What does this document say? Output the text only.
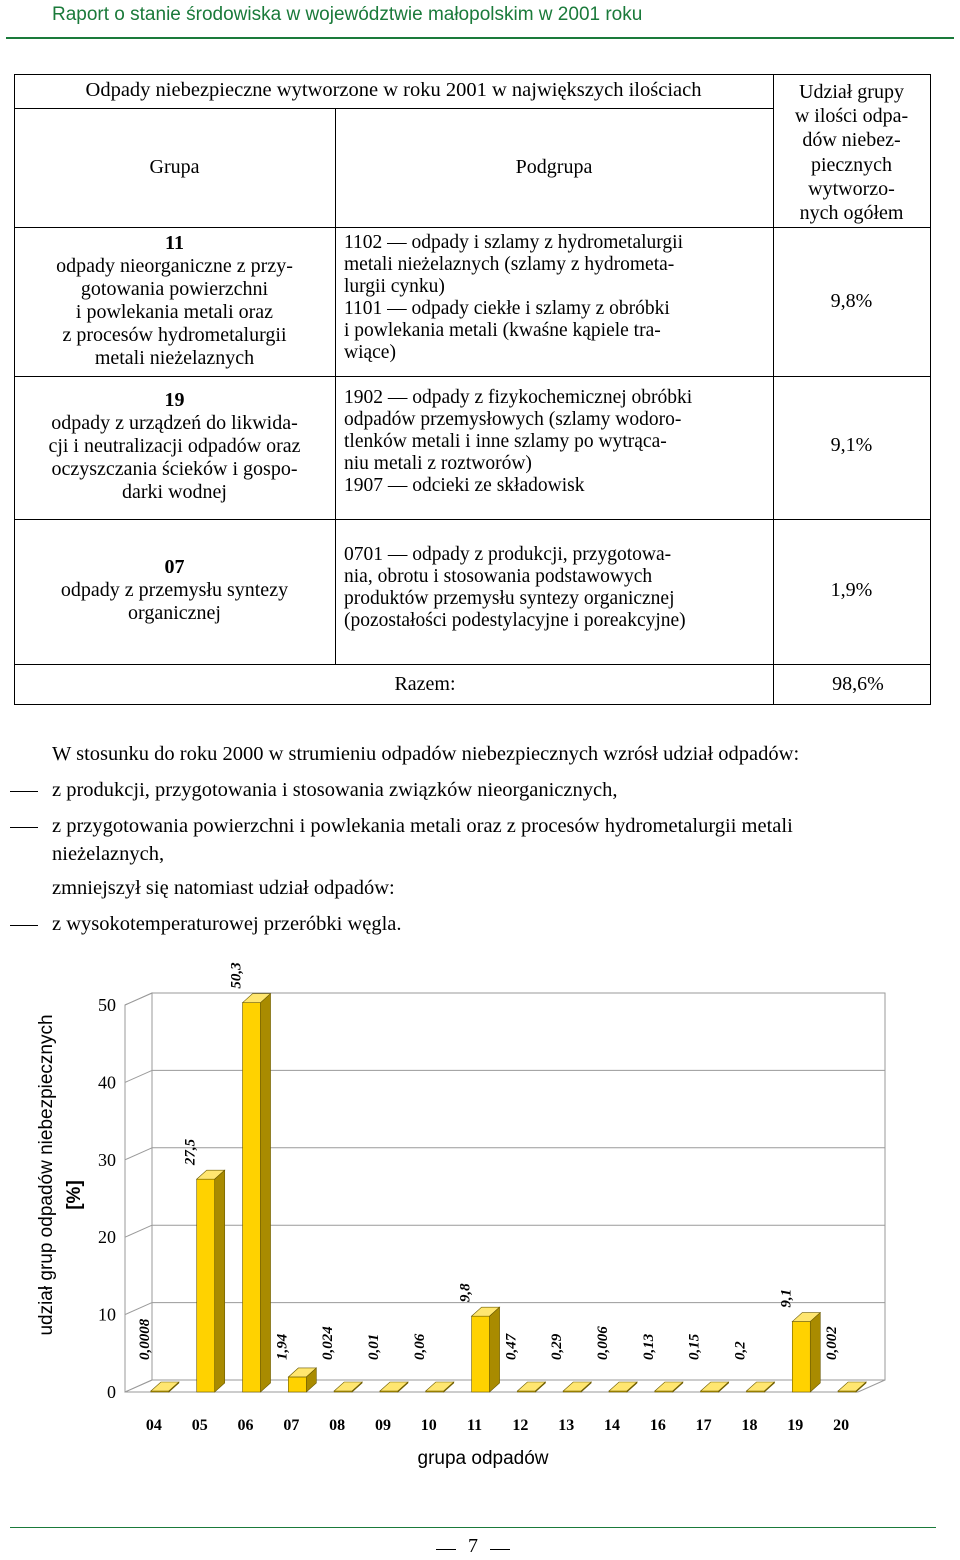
Raport o stanie środowiska w województwie małopolskim w 2001 roku
Odpady niebezpieczne wytworzone w roku 2001 w największych ilościach
Grupa	Podgrupa
Udział grupy
w ilości odpa-
dów niebez-
piecznych
wytworzo-
nych ogółem
11
odpady nieorganiczne z przy-
gotowania powierzchni
i powlekania metali oraz
z procesów hydrometalurgii
metali nieżelaznych
1102 — odpady i szlamy z hydrometalurgii
metali nieżelaznych (szlamy z hydrometa-
lurgii cynku)
1101 — odpady ciekłe i szlamy z obróbki
i powlekania metali (kwaśne kąpiele tra-
wiące)
9,8%
19
odpady z urządzeń do likwida-
cji i neutralizacji odpadów oraz
oczyszczania ścieków i gospo-
darki wodnej
1902 — odpady z fizykochemicznej obróbki
odpadów przemysłowych (szlamy wodoro-
tlenków metali i inne szlamy po wytrąca-
niu metali z roztworów)
1907 — odcieki ze składowisk
9,1%
07
odpady z przemysłu syntezy
organicznej
0701 — odpady z produkcji, przygotowa-
nia, obrotu i stosowania podstawowych
produktów przemysłu syntezy organicznej
(pozostałości podestylacyjne i poreakcyjne)
1,9%
Razem:	98,6%
W stosunku do roku 2000 w strumieniu odpadów niebezpiecznych wzrósł udział odpadów:
z produkcji, przygotowania i stosowania związków nieorganicznych,
z przygotowania powierzchni i powlekania metali oraz z procesów hydrometalurgii metali
nieżelaznych,
zmniejszył się natomiast udział odpadów:
z wysokotemperaturowej przeróbki węgla.
0
10
20
30
40
50
0,0008
27,5
50,3
1,94 0,024 0,01 0,06
9,8
0,47 0,29 0,006 0,13 0,15 0,2
9,1
0,002
04 05 06 07 08 09 10 11 12 13 14 16 17 18 19 20
udział grup odpadów niebezpiecznych [%]
grupa odpadów
7
